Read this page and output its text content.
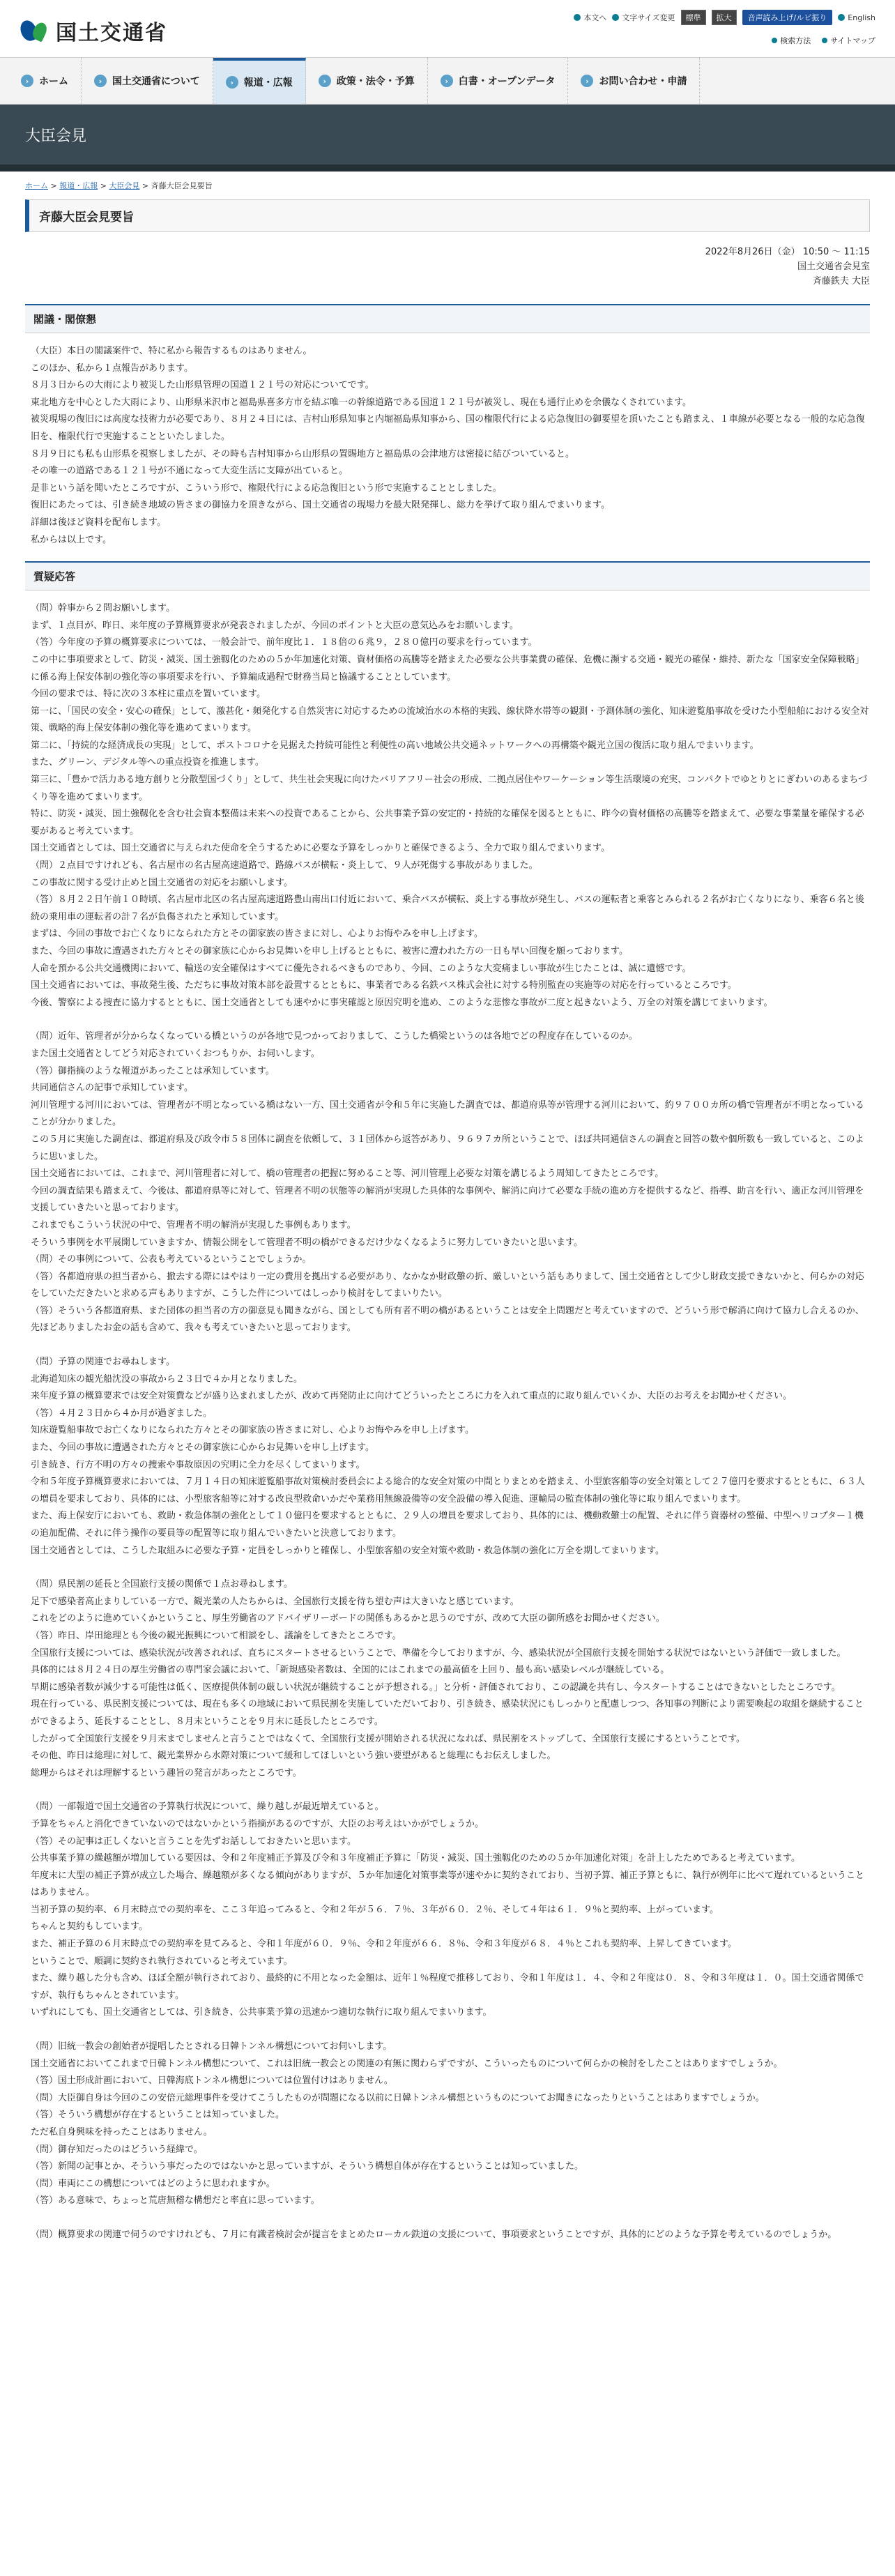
国土交通省
本文へ	文字サイズ変更	標準	拡大	音声読み上げ/ルビ振り	English
検索方法	サイトマップ
›	ホーム	›	国土交通省について	›	報道・広報	›	政策・法令・予算	›	白書・オープンデータ	›	お問い合わせ・申請
大臣会見
ホーム > 報道・広報 > 大臣会見 > 斉藤大臣会見要旨
斉藤大臣会見要旨
2022年8月26日（金） 10:50 ～ 11:15
国土交通省会見室
斉藤鉄夫 大臣
閣議・閣僚懇

（大臣）本日の閣議案件で、特に私から報告するものはありません。

このほか、私から１点報告があります。

８月３日からの大雨により被災した山形県管理の国道１２１号の対応についてです。

東北地方を中心とした大雨により、山形県米沢市と福島県喜多方市を結ぶ唯一の幹線道路である国道１２１号が被災し、現在も通行止めを余儀なくされています。

被災現場の復旧には高度な技術力が必要であり、８月２４日には、吉村山形県知事と内堀福島県知事から、国の権限代行による応急復旧の御要望を頂いたことも踏まえ、１車線が必要となる一般的な応急復旧を、権限代行で実施することといたしました。

８月９日にも私も山形県を視察しましたが、その時も吉村知事から山形県の置賜地方と福島県の会津地方は密接に結びついていると。

その唯一の道路である１２１号が不通になって大変生活に支障が出ていると。

是非という話を聞いたところですが、こういう形で、権限代行による応急復旧という形で実施することとしました。

復旧にあたっては、引き続き地域の皆さまの御協力を頂きながら、国土交通省の現場力を最大限発揮し、総力を挙げて取り組んでまいります。

詳細は後ほど資料を配布します。

私からは以上です。

質疑応答

（問）幹事から２問お願いします。

まず、１点目が、昨日、来年度の予算概算要求が発表されましたが、今回のポイントと大臣の意気込みをお願いします。

（答）今年度の予算の概算要求については、一般会計で、前年度比１．１８倍の６兆９，２８０億円の要求を行っています。

この中に事項要求として、防災・減災、国土強靱化のための５か年加速化対策、資材価格の高騰等を踏まえた必要な公共事業費の確保、危機に瀕する交通・観光の確保・維持、新たな「国家安全保障戦略」に係る海上保安体制の強化等の事項要求を行い、予算編成過程で財務当局と協議することとしています。

今回の要求では、特に次の３本柱に重点を置いています。

第一に、「国民の安全・安心の確保」として、激甚化・頻発化する自然災害に対応するための流域治水の本格的実践、線状降水帯等の観測・予測体制の強化、知床遊覧船事故を受けた小型船舶における安全対策、戦略的海上保安体制の強化等を進めてまいります。

第二に、「持続的な経済成長の実現」として、ポストコロナを見据えた持続可能性と利便性の高い地域公共交通ネットワークへの再構築や観光立国の復活に取り組んでまいります。

また、グリーン、デジタル等への重点投資を推進します。

第三に、「豊かで活力ある地方創りと分散型国づくり」として、共生社会実現に向けたバリアフリー社会の形成、二拠点居住やワーケーション等生活環境の充実、コンパクトでゆとりとにぎわいのあるまちづくり等を進めてまいります。

特に、防災・減災、国土強靱化を含む社会資本整備は未来への投資であることから、公共事業予算の安定的・持続的な確保を図るとともに、昨今の資材価格の高騰等を踏まえて、必要な事業量を確保する必要があると考えています。

国土交通省としては、国土交通省に与えられた使命を全うするために必要な予算をしっかりと確保できるよう、全力で取り組んでまいります。

（問）２点目ですけれども、名古屋市の名古屋高速道路で、路線バスが横転・炎上して、９人が死傷する事故がありました。

この事故に関する受け止めと国土交通省の対応をお願いします。

（答）８月２２日午前１０時頃、名古屋市北区の名古屋高速道路豊山南出口付近において、乗合バスが横転、炎上する事故が発生し、バスの運転者と乗客とみられる２名がお亡くなりになり、乗客６名と後続の乗用車の運転者の計７名が負傷されたと承知しています。

まずは、今回の事故でお亡くなりになられた方とその御家族の皆さまに対し、心よりお悔やみを申し上げます。

また、今回の事故に遭遇された方々とその御家族に心からお見舞いを申し上げるとともに、被害に遭われた方の一日も早い回復を願っております。

人命を預かる公共交通機関において、輸送の安全確保はすべてに優先されるべきものであり、今回、このような大変痛ましい事故が生じたことは、誠に遺憾です。

国土交通省においては、事故発生後、ただちに事故対策本部を設置するとともに、事業者である名鉄バス株式会社に対する特別監査の実施等の対応を行っているところです。

今後、警察による捜査に協力するとともに、国土交通省としても速やかに事実確認と原因究明を進め、このような悲惨な事故が二度と起きないよう、万全の対策を講じてまいります。

（問）近年、管理者が分からなくなっている橋というのが各地で見つかっておりまして、こうした橋梁というのは各地でどの程度存在しているのか。

また国土交通省としてどう対応されていくおつもりか、お伺いします。

（答）御指摘のような報道があったことは承知しています。

共同通信さんの記事で承知しています。

河川管理する河川においては、管理者が不明となっている橋はない一方、国土交通省が令和５年に実施した調査では、都道府県等が管理する河川において、約９７００カ所の橋で管理者が不明となっていることが分かりました。

この５月に実施した調査は、都道府県及び政令市５８団体に調査を依頼して、３１団体から返答があり、９６９７カ所ということで、ほぼ共同通信さんの調査と回答の数や個所数も一致していると、このように思いました。

国土交通省においては、これまで、河川管理者に対して、橋の管理者の把握に努めること等、河川管理上必要な対策を講じるよう周知してきたところです。

今回の調査結果も踏まえて、今後は、都道府県等に対して、管理者不明の状態等の解消が実現した具体的な事例や、解消に向けて必要な手続の進め方を提供するなど、指導、助言を行い、適正な河川管理を支援していきたいと思っております。

これまでもこういう状況の中で、管理者不明の解消が実現した事例もあります。

そういう事例を水平展開していきますか、情報公開をして管理者不明の橋ができるだけ少なくなるように努力していきたいと思います。

（問）その事例について、公表も考えているということでしょうか。

（答）各都道府県の担当者から、撤去する際にはやはり一定の費用を拠出する必要があり、なかなか財政難の折、厳しいという話もありまして、国土交通省として少し財政支援できないかと、何らかの対応をしていただきたいと求める声もありますが、こうした件についてはしっかり検討をしてまいりたい。

（答）そういう各都道府県、また団体の担当者の方の御意見も聞きながら、国としても所有者不明の橋があるということは安全上問題だと考えていますので、どういう形で解消に向けて協力し合えるのか、先ほどありましたお金の話も含めて、我々も考えていきたいと思っております。

（問）予算の関連でお尋ねします。

北海道知床の観光船沈没の事故から２３日で４か月となりました。

来年度予算の概算要求では安全対策費などが盛り込まれましたが、改めて再発防止に向けてどういったところに力を入れて重点的に取り組んでいくか、大臣のお考えをお聞かせください。

（答）４月２３日から４か月が過ぎました。

知床遊覧船事故でお亡くなりになられた方々とその御家族の皆さまに対し、心よりお悔やみを申し上げます。

また、今回の事故に遭遇された方々とその御家族に心からお見舞いを申し上げます。

引き続き、行方不明の方々の捜索や事故原因の究明に全力を尽くしてまいります。

令和５年度予算概算要求においては、７月１４日の知床遊覧船事故対策検討委員会による総合的な安全対策の中間とりまとめを踏まえ、小型旅客船等の安全対策として２７億円を要求するとともに、６３人の増員を要求しており、具体的には、小型旅客船等に対する改良型救命いかだや業務用無線設備等の安全設備の導入促進、運輸局の監査体制の強化等に取り組んでまいります。

また、海上保安庁においても、救助・救急体制の強化として１０億円を要求するとともに、２９人の増員を要求しており、具体的には、機動救難士の配置、それに伴う資器材の整備、中型ヘリコプター１機の追加配備、それに伴う操作の要員等の配置等に取り組んでいきたいと決意しております。

国土交通省としては、こうした取組みに必要な予算・定員をしっかりと確保し、小型旅客船の安全対策や救助・救急体制の強化に万全を期してまいります。

（問）県民割の延長と全国旅行支援の関係で１点お尋ねします。

足下で感染者高止まりしている一方で、観光業の人たちからは、全国旅行支援を待ち望む声は大きいなと感じています。

これをどのように進めていくかということ、厚生労働省のアドバイザリーボードの関係もあるかと思うのですが、改めて大臣の御所感をお聞かせください。

（答）昨日、岸田総理とも今後の観光振興について相談をし、議論をしてきたところです。

全国旅行支援については、感染状況が改善されれば、直ちにスタートさせるということで、準備を今しておりますが、今、感染状況が全国旅行支援を開始する状況ではないという評価で一致しました。

具体的には８月２４日の厚生労働省の専門家会議において、「新規感染者数は、全国的にはこれまでの最高値を上回り、最も高い感染レベルが継続している。

早期に感染者数が減少する可能性は低く、医療提供体制の厳しい状況が継続することが予想される。」と分析・評価されており、この認識を共有し、今スタートすることはできないとしたところです。

現在行っている、県民割支援については、現在も多くの地域において県民割を実施していただいており、引き続き、感染状況にもしっかりと配慮しつつ、各知事の判断により需要喚起の取組を継続することができるよう、延長することとし、８月末ということを９月末に延長したところです。

したがって全国旅行支援を９月末までしませんと言うことではなくて、全国旅行支援が開始される状況になれば、県民割をストップして、全国旅行支援にするということです。

その他、昨日は総理に対して、観光業界から水際対策について緩和してほしいという強い要望があると総理にもお伝えしました。

総理からはそれは理解するという趣旨の発言があったところです。

（問）一部報道で国土交通省の予算執行状況について、繰り越しが最近増えていると。

予算をちゃんと消化できていないのではないかという指摘があるのですが、大臣のお考えはいかがでしょうか。

（答）その記事は正しくないと言うことを先ずお話ししておきたいと思います。

公共事業予算の繰越額が増加している要因は、令和２年度補正予算及び令和３年度補正予算に「防災・減災、国土強靱化のための５か年加速化対策」を計上したためであると考えています。

年度末に大型の補正予算が成立した場合、繰越額が多くなる傾向がありますが、５か年加速化対策事業等が速やかに契約されており、当初予算、補正予算ともに、執行が例年に比べて遅れているということはありません。

当初予算の契約率、６月末時点での契約率を、ここ３年追ってみると、令和２年が５６．７％、３年が６０．２％、そして４年は６１．９％と契約率、上がっています。

ちゃんと契約もしています。

また、補正予算の６月末時点での契約率を見てみると、令和１年度が６０．９％、令和２年度が６６．８％、令和３年度が６８．４％とこれも契約率、上昇してきています。

ということで、順調に契約され執行されていると考えています。

また、繰り越した分も含め、ほぼ全額が執行されており、最終的に不用となった金額は、近年１％程度で推移しており、令和１年度は１．４、令和２年度は０．８、令和３年度は１．０。国土交通省関係ですが、執行もちゃんとされています。

いずれにしても、国土交通省としては、引き続き、公共事業予算の迅速かつ適切な執行に取り組んでまいります。

（問）旧統一教会の創始者が提唱したとされる日韓トンネル構想についてお伺いします。

国土交通省においてこれまで日韓トンネル構想について、これは旧統一教会との関連の有無に関わらずですが、こういったものについて何らかの検討をしたことはありますでしょうか。

（答）国土形成計画において、日韓海底トンネル構想については位置付けはありません。

（問）大臣御自身は今回のこの安倍元総理事件を受けてこうしたものが問題になる以前に日韓トンネル構想というものについてお聞きになったりということはありますでしょうか。

（答）そういう構想が存在するということは知っていました。

ただ私自身興味を持ったことはありません。

（問）御存知だったのはどういう経緯で。

（答）新聞の記事とか、そういう事だったのではないかと思っていますが、そういう構想自体が存在するということは知っていました。

（問）車両にこの構想についてはどのように思われますか。

（答）ある意味で、ちょっと荒唐無稽な構想だと率直に思っています。

（問）概算要求の関連で伺うのですけれども、７月に有識者検討会が提言をまとめたローカル鉄道の支援について、事項要求ということですが、具体的にどのような予算を考えているのでしょうか。
